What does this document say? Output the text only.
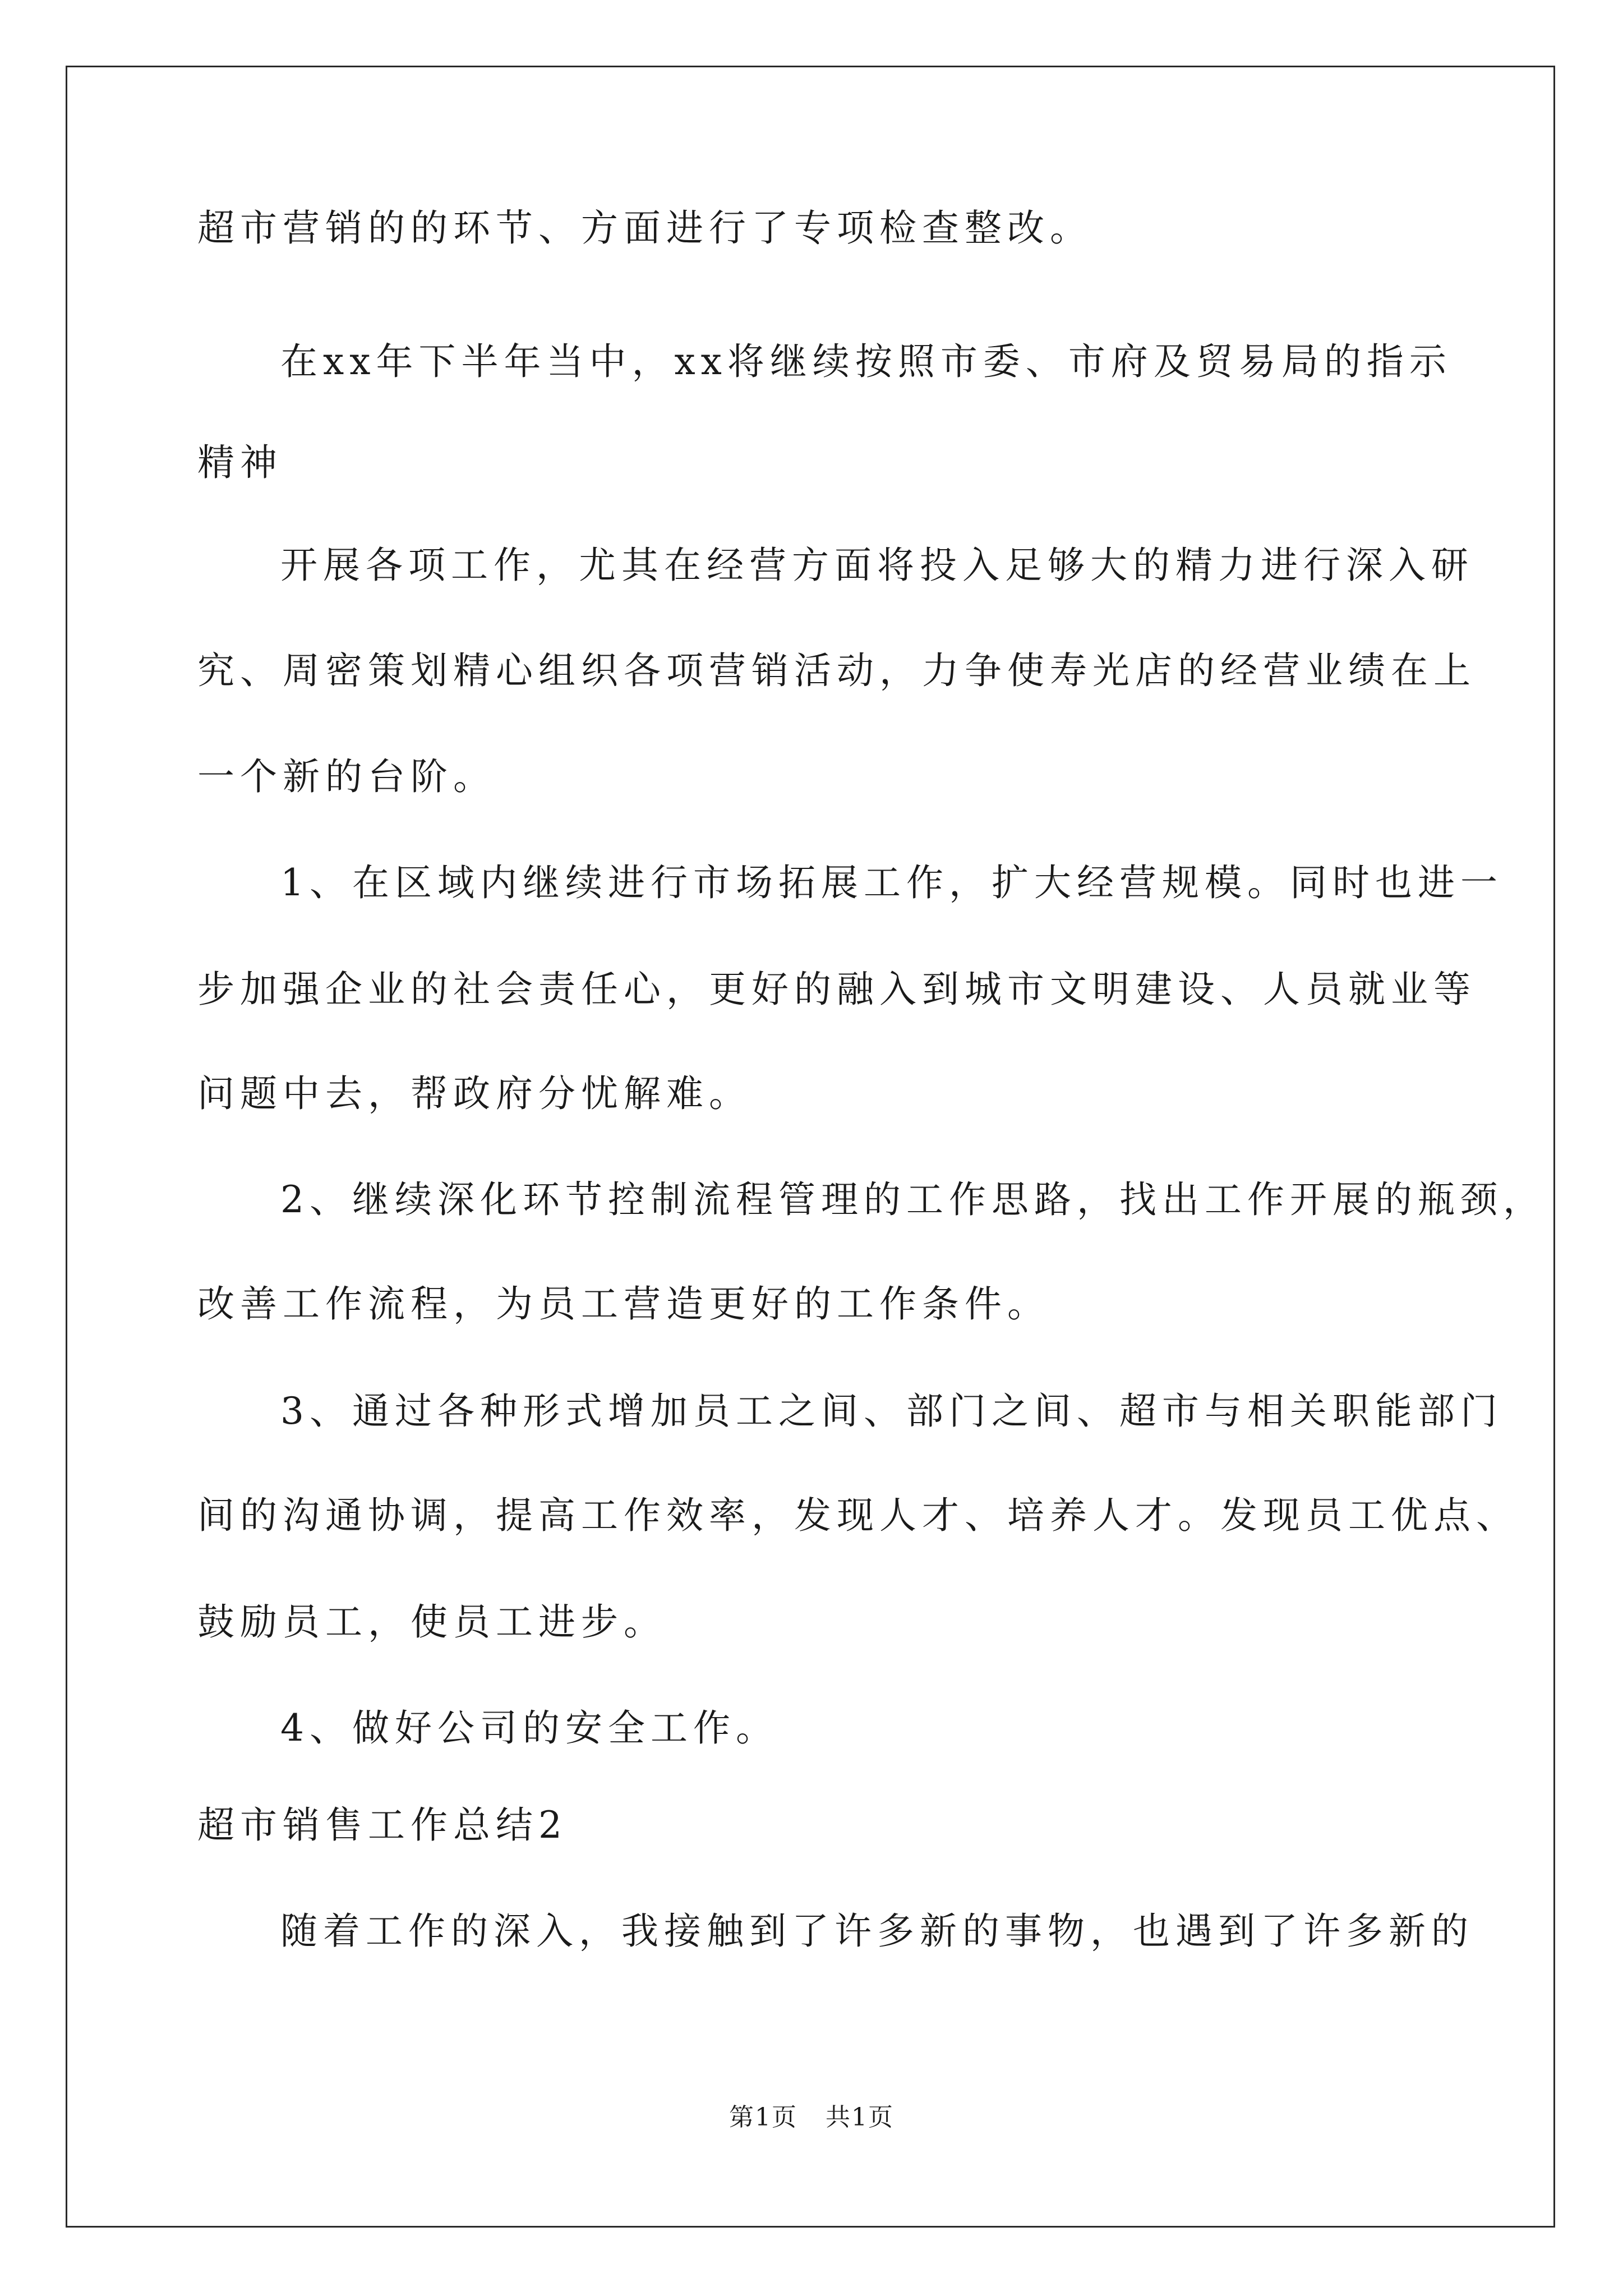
超市营销的的环节、方面进行了专项检查整改。
在xx年下半年当中，xx将继续按照市委、市府及贸易局的指示
精神
开展各项工作，尤其在经营方面将投入足够大的精力进行深入研
究、周密策划精心组织各项营销活动，力争使寿光店的经营业绩在上
一个新的台阶。
1、在区域内继续进行市场拓展工作，扩大经营规模。同时也进一
步加强企业的社会责任心，更好的融入到城市文明建设、人员就业等
问题中去，帮政府分忧解难。
2、继续深化环节控制流程管理的工作思路，找出工作开展的瓶颈，
改善工作流程，为员工营造更好的工作条件。
3、通过各种形式增加员工之间、部门之间、超市与相关职能部门
间的沟通协调，提高工作效率，发现人才、培养人才。发现员工优点、
鼓励员工，使员工进步。
4、做好公司的安全工作。
超市销售工作总结2
随着工作的深入，我接触到了许多新的事物，也遇到了许多新的
第1页 共1页
